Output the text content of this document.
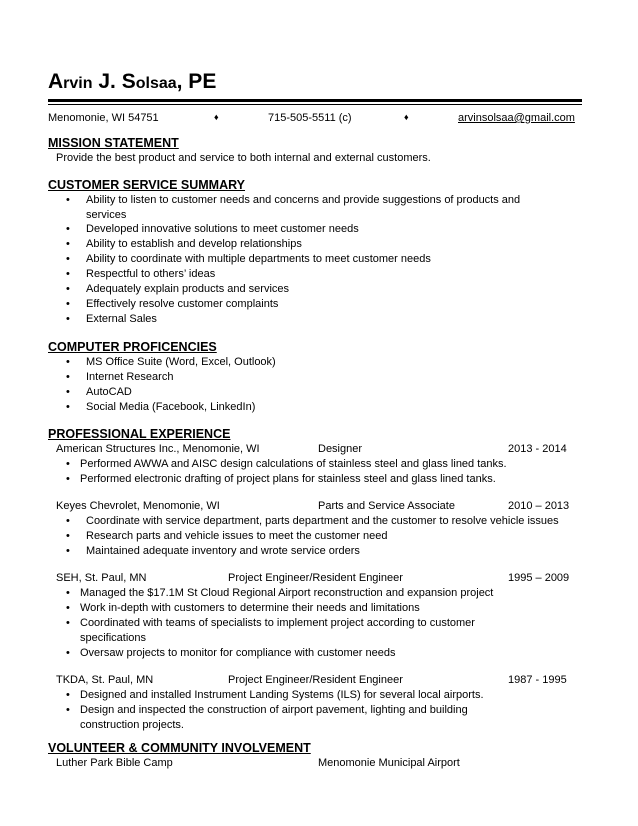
Arvin J. Solsaa, PE
Menomonie, WI 54751	♦	715-505-5511 (c)	♦	arvinsolsaa@gmail.com
MISSION STATEMENT
Provide the best product and service to both internal and external customers.
CUSTOMER SERVICE SUMMARY
• Ability to listen to customer needs and concerns and provide suggestions of products and
services
• Developed innovative solutions to meet customer needs
• Ability to establish and develop relationships
• Ability to coordinate with multiple departments to meet customer needs
• Respectful to others’ ideas
• Adequately explain products and services
• Effectively resolve customer complaints
• External Sales
COMPUTER PROFICENCIES
• MS Office Suite (Word, Excel, Outlook)
• Internet Research
• AutoCAD
• Social Media (Facebook, LinkedIn)
PROFESSIONAL EXPERIENCE
American Structures Inc., Menomonie, WI	Designer	2013 - 2014
• Performed AWWA and AISC design calculations of stainless steel and glass lined tanks.
• Performed electronic drafting of project plans for stainless steel and glass lined tanks.
Keyes Chevrolet, Menomonie, WI	Parts and Service Associate	2010 – 2013
• Coordinate with service department, parts department and the customer to resolve vehicle issues
• Research parts and vehicle issues to meet the customer need
• Maintained adequate inventory and wrote service orders
SEH, St. Paul, MN	Project Engineer/Resident Engineer	1995 – 2009
• Managed the $17.1M St Cloud Regional Airport reconstruction and expansion project
• Work in-depth with customers to determine their needs and limitations
• Coordinated with teams of specialists to implement project according to customer
specifications
• Oversaw projects to monitor for compliance with customer needs
TKDA, St. Paul, MN	Project Engineer/Resident Engineer	1987 - 1995
• Designed and installed Instrument Landing Systems (ILS) for several local airports.
• Design and inspected the construction of airport pavement, lighting and building
construction projects.
VOLUNTEER & COMMUNITY INVOLVEMENT
Luther Park Bible Camp	Menomonie Municipal Airport
